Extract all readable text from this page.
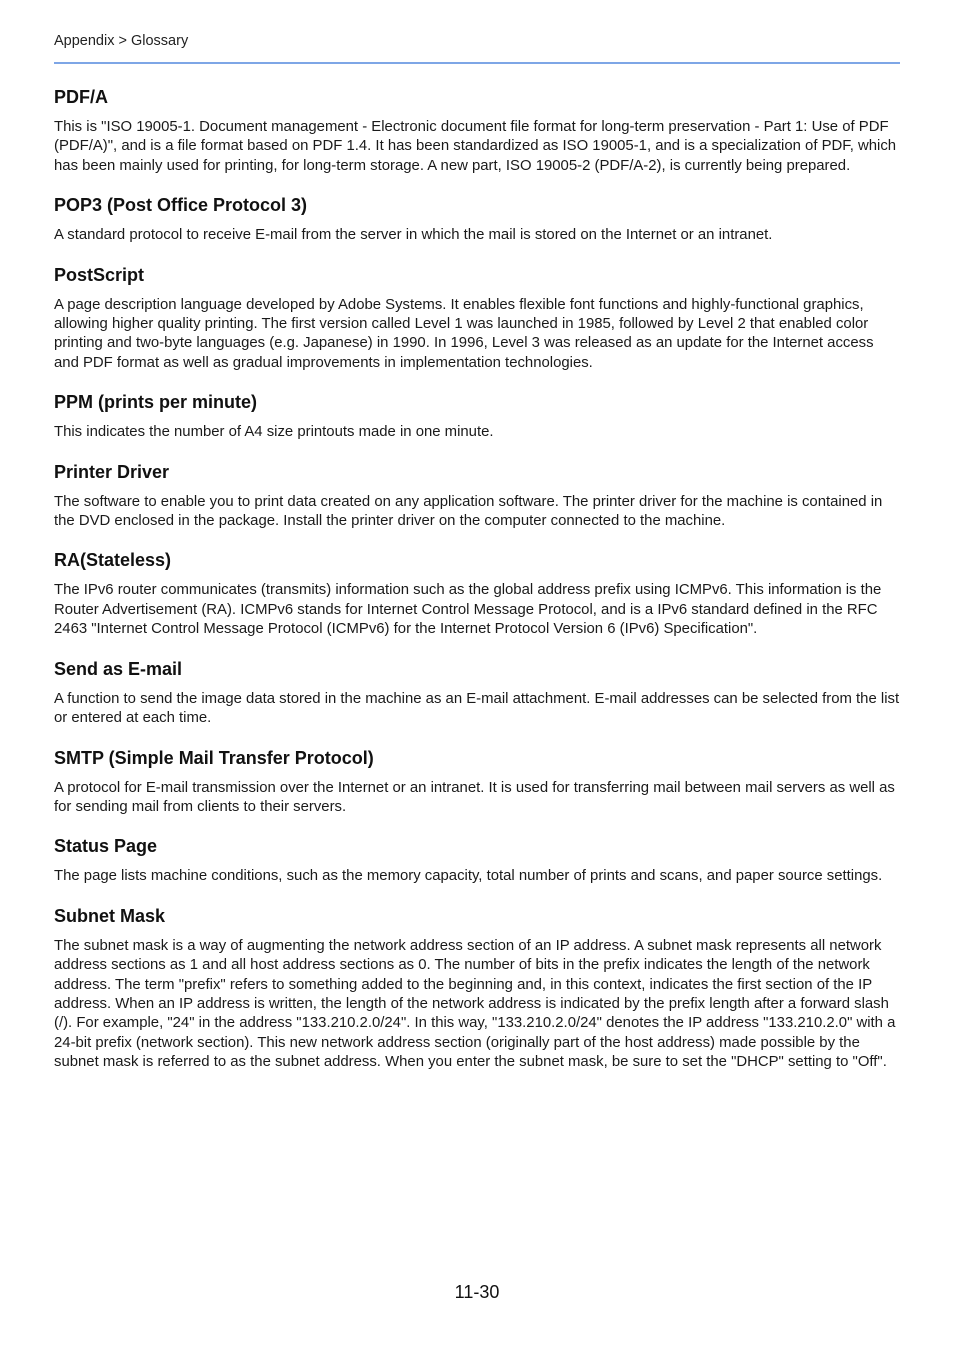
Appendix > Glossary
PDF/A

This is "ISO 19005-1. Document management - Electronic document file format for long-term preservation - Part 1: Use of PDF (PDF/A)", and is a file format based on PDF 1.4. It has been standardized as ISO 19005-1, and is a specialization of PDF, which has been mainly used for printing, for long-term storage. A new part, ISO 19005-2 (PDF/A-2), is currently being prepared.

POP3 (Post Office Protocol 3)

A standard protocol to receive E-mail from the server in which the mail is stored on the Internet or an intranet.

PostScript

A page description language developed by Adobe Systems. It enables flexible font functions and highly-functional graphics, allowing higher quality printing. The first version called Level 1 was launched in 1985, followed by Level 2 that enabled color printing and two-byte languages (e.g. Japanese) in 1990. In 1996, Level 3 was released as an update for the Internet access and PDF format as well as gradual improvements in implementation technologies.

PPM (prints per minute)

This indicates the number of A4 size printouts made in one minute.

Printer Driver

The software to enable you to print data created on any application software. The printer driver for the machine is contained in the DVD enclosed in the package. Install the printer driver on the computer connected to the machine.

RA(Stateless)

The IPv6 router communicates (transmits) information such as the global address prefix using ICMPv6. This information is the Router Advertisement (RA). ICMPv6 stands for Internet Control Message Protocol, and is a IPv6 standard defined in the RFC 2463 "Internet Control Message Protocol (ICMPv6) for the Internet Protocol Version 6 (IPv6) Specification".

Send as E-mail

A function to send the image data stored in the machine as an E-mail attachment. E-mail addresses can be selected from the list or entered at each time.

SMTP (Simple Mail Transfer Protocol)

A protocol for E-mail transmission over the Internet or an intranet. It is used for transferring mail between mail servers as well as for sending mail from clients to their servers.

Status Page

The page lists machine conditions, such as the memory capacity, total number of prints and scans, and paper source settings.

Subnet Mask

The subnet mask is a way of augmenting the network address section of an IP address. A subnet mask represents all network address sections as 1 and all host address sections as 0. The number of bits in the prefix indicates the length of the network address. The term "prefix" refers to something added to the beginning and, in this context, indicates the first section of the IP address. When an IP address is written, the length of the network address is indicated by the prefix length after a forward slash (/). For example, "24" in the address "133.210.2.0/24". In this way, "133.210.2.0/24" denotes the IP address "133.210.2.0" with a 24-bit prefix (network section). This new network address section (originally part of the host address) made possible by the subnet mask is referred to as the subnet address. When you enter the subnet mask, be sure to set the "DHCP" setting to "Off".

11-30
